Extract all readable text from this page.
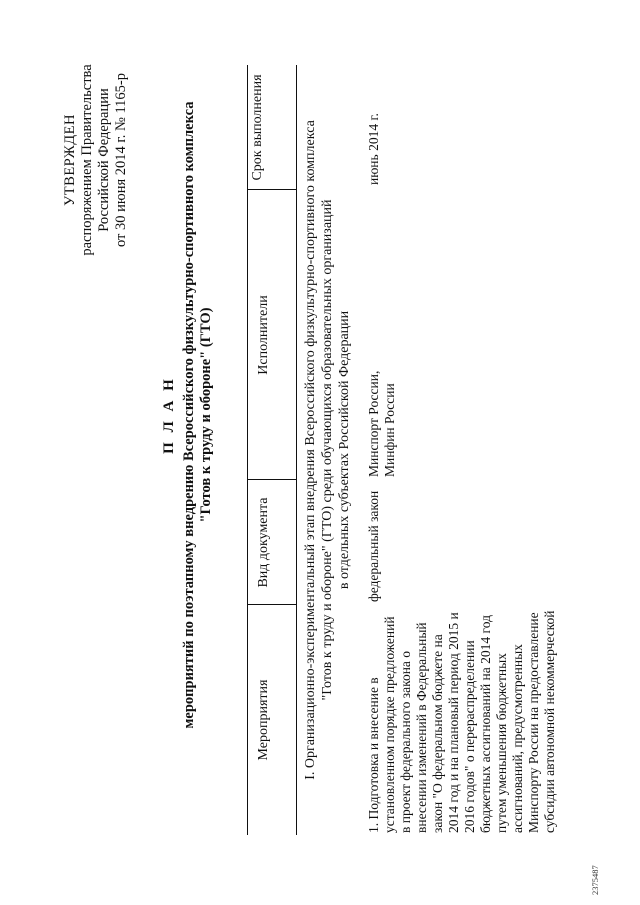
УТВЕРЖДЕН распоряжением Правительства Российской Федерации от 30 июня 2014 г. № 1165-р
П Л А Н мероприятий по поэтапному внедрению Всероссийского физкультурно-спортивного комплекса "Готов к труду и обороне" (ГТО)
Мероприятия
Вид документа
Исполнители
Срок выполнения	I. Организационно-экспериментальный этап внедрения Всероссийского физкультурно-спортивного комплекса "Готов к труду и обороне" (ГТО) среди обучающихся образовательных организаций в отдельных субъектах Российской Федерации
1. Подготовка и внесение в установленном порядке предложений в проект федерального закона о внесении изменений в Федеральный закон "О федеральном бюджете на 2014 год и на плановый период 2015 и 2016 годов" о перераспределении бюджетных ассигнований на 2014 год путем уменьшения бюджетных ассигнований, предусмотренных Минспорту России на предоставление субсидии автономной некоммерческой
федеральный закон
Минспорт России, Минфин России
июнь 2014 г.
2375487
